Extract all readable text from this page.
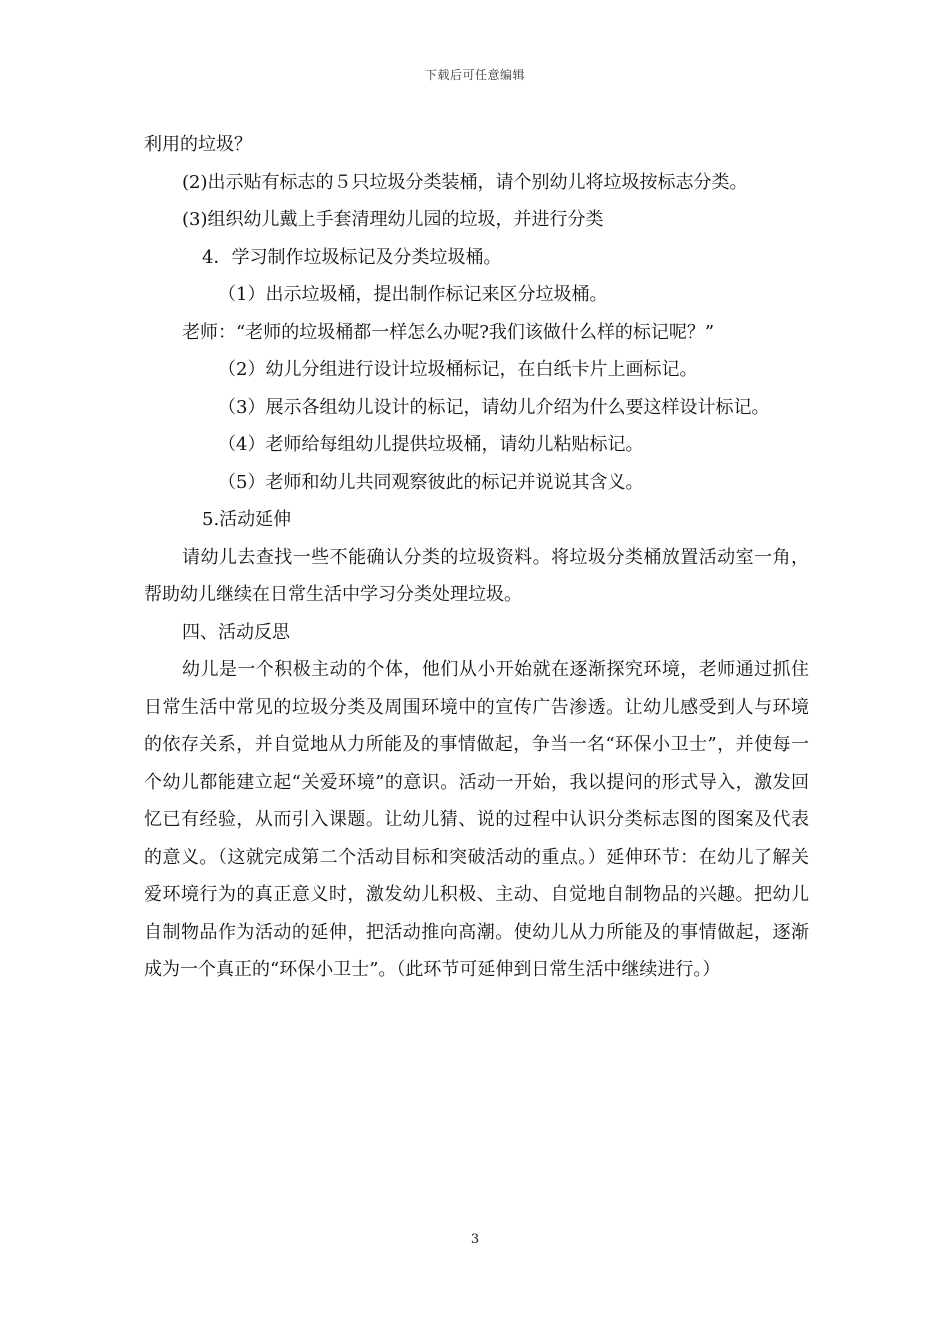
下载后可任意编辑

利用的垃圾？

(2)出示贴有标志的５只垃圾分类装桶，请个别幼儿将垃圾按标志分类。

(3)组织幼儿戴上手套清理幼儿园的垃圾，并进行分类

4．学习制作垃圾标记及分类垃圾桶。

（1）出示垃圾桶，提出制作标记来区分垃圾桶。

老师：“老师的垃圾桶都一样怎么办呢?我们该做什么样的标记呢？”

（2）幼儿分组进行设计垃圾桶标记，在白纸卡片上画标记。

（3）展示各组幼儿设计的标记，请幼儿介绍为什么要这样设计标记。

（4）老师给每组幼儿提供垃圾桶，请幼儿粘贴标记。

（5）老师和幼儿共同观察彼此的标记并说说其含义。

5.活动延伸

请幼儿去查找一些不能确认分类的垃圾资料。将垃圾分类桶放置活动室一角，帮助幼儿继续在日常生活中学习分类处理垃圾。

四、活动反思

幼儿是一个积极主动的个体，他们从小开始就在逐渐探究环境，老师通过抓住日常生活中常见的垃圾分类及周围环境中的宣传广告渗透。让幼儿感受到人与环境的依存关系，并自觉地从力所能及的事情做起，争当一名“环保小卫士”，并使每一个幼儿都能建立起“关爱环境”的意识。活动一开始，我以提问的形式导入，激发回忆已有经验，从而引入课题。让幼儿猜、说的过程中认识分类标志图的图案及代表的意义。（这就完成第二个活动目标和突破活动的重点。）延伸环节：在幼儿了解关爱环境行为的真正意义时，激发幼儿积极、主动、自觉地自制物品的兴趣。把幼儿自制物品作为活动的延伸，把活动推向高潮。使幼儿从力所能及的事情做起，逐渐成为一个真正的“环保小卫士”。（此环节可延伸到日常生活中继续进行。）

3
